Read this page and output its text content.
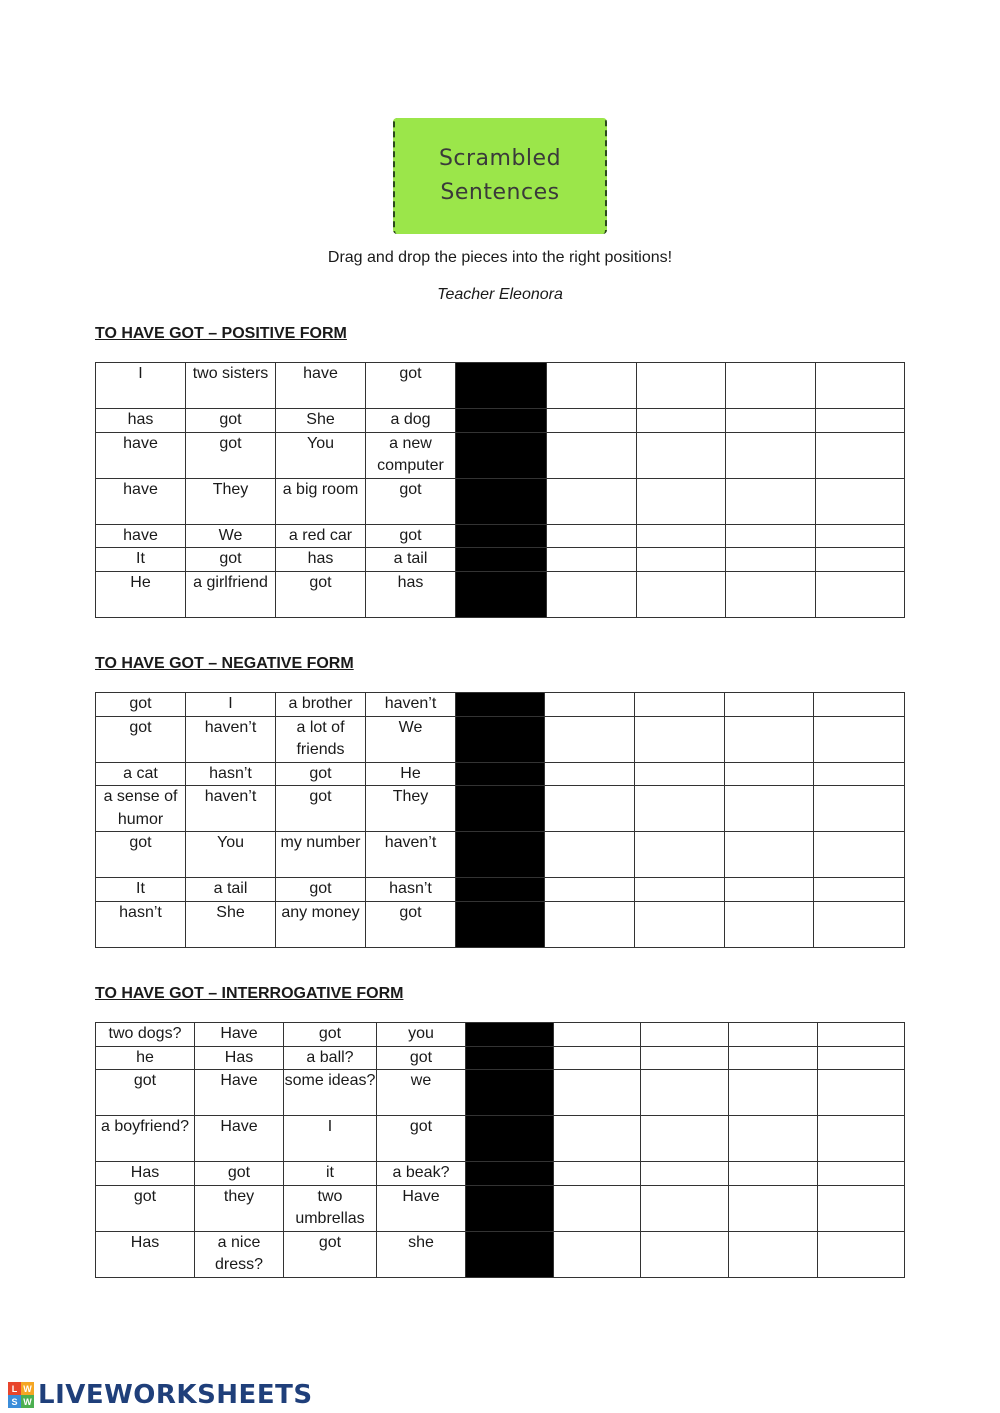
Scrambled
Sentences
Drag and drop the pieces into the right positions!
Teacher Eleonora
TO HAVE GOT – POSITIVE FORM
I	two sisters	have	got					
has	got	She	a dog					
have	got	You	a new computer					
have	They	a big room	got					
have	We	a red car	got					
It	got	has	a tail					
He	a girlfriend	got	has					
TO HAVE GOT – NEGATIVE FORM
got	I	a brother	haven’t					
got	haven’t	a lot of friends	We					
a cat	hasn’t	got	He					
a sense of humor	haven’t	got	They					
got	You	my number	haven’t					
It	a tail	got	hasn’t					
hasn’t	She	any money	got					
TO HAVE GOT – INTERROGATIVE FORM
two dogs?	Have	got	you					
he	Has	a ball?	got					
got	Have	some ideas?	we					
a boyfriend?	Have	I	got					
Has	got	it	a beak?					
got	they	two umbrellas	Have					
Has	a nice dress?	got	she					
L W
S W LIVEWORKSHEETS
